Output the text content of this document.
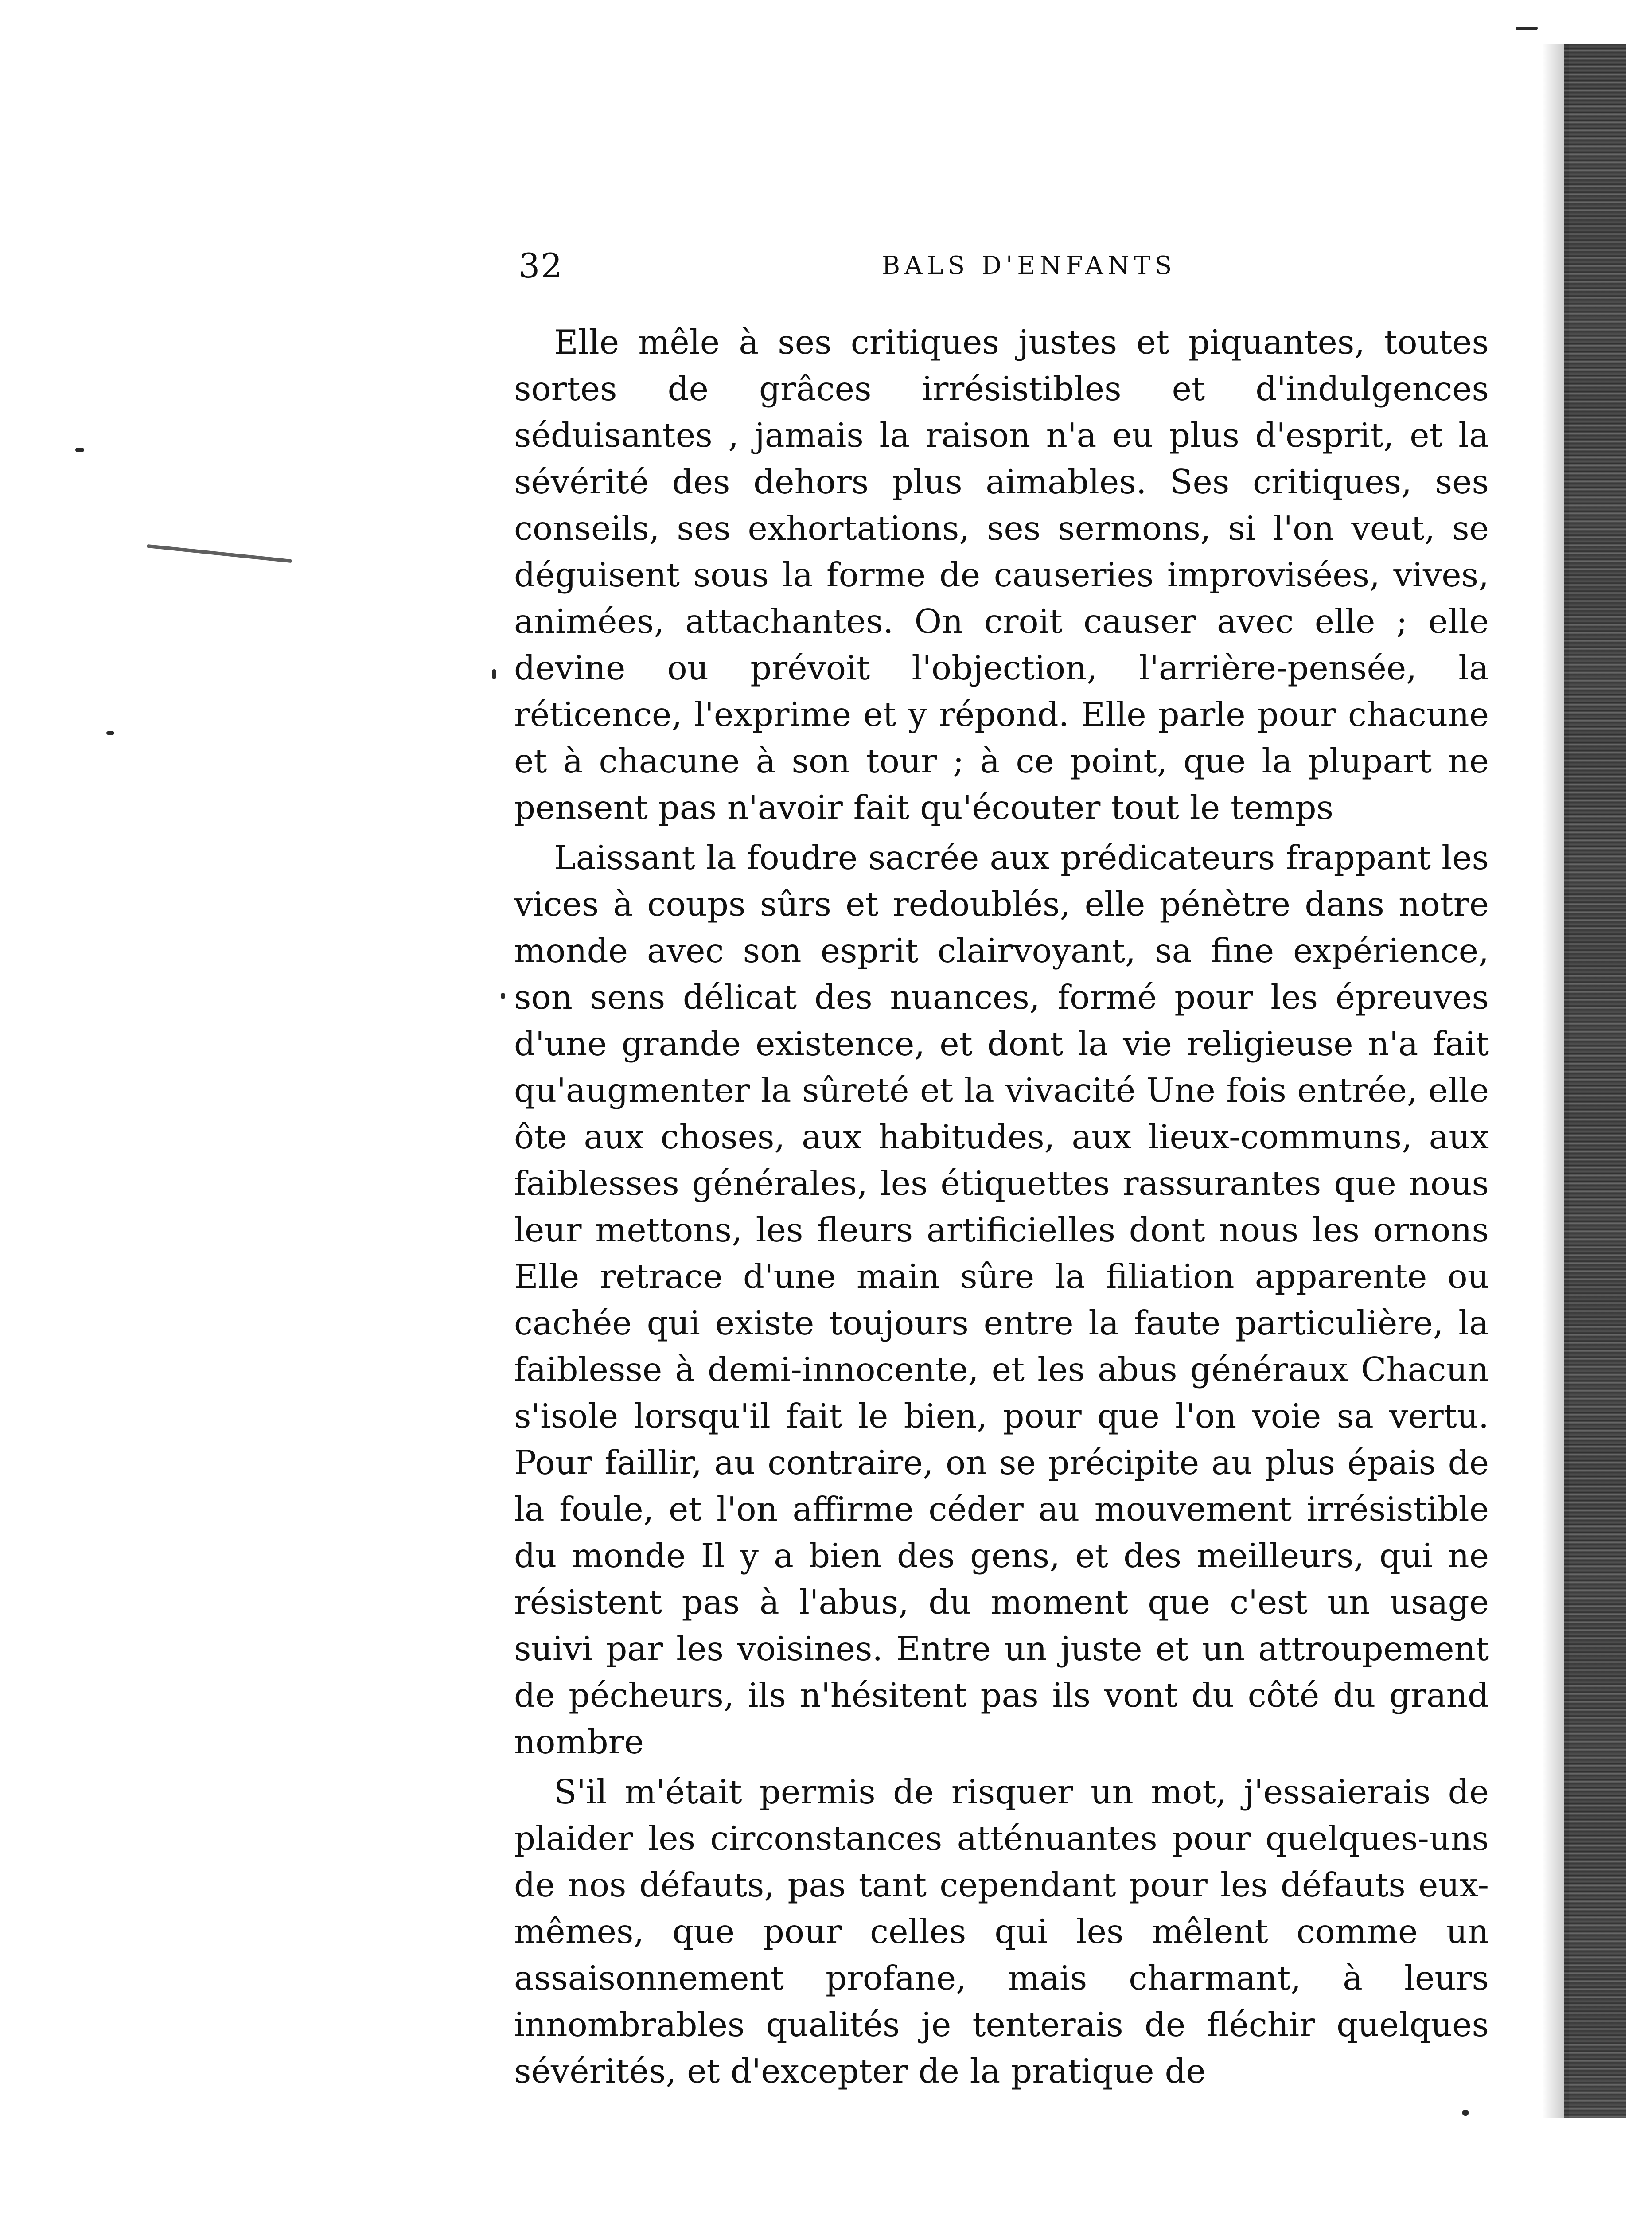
32	BALS D'ENFANTS

Elle mêle à ses critiques justes et piquantes, toutes sortes de grâces irrésistibles et d'indulgences séduisantes , jamais la raison n'a eu plus d'esprit, et la sévérité des dehors plus aimables. Ses critiques, ses conseils, ses exhortations, ses sermons, si l'on veut, se déguisent sous la forme de causeries improvisées, vives, animées, attachantes. On croit causer avec elle ; elle devine ou prévoit l'objection, l'arrière-pensée, la réticence, l'exprime et y répond. Elle parle pour chacune et à chacune à son tour ; à ce point, que la plupart ne pensent pas n'avoir fait qu'écouter tout le temps

Laissant la foudre sacrée aux prédicateurs frappant les vices à coups sûrs et redoublés, elle pénètre dans notre monde avec son esprit clairvoyant, sa fine expérience, son sens délicat des nuances, formé pour les épreuves d'une grande existence, et dont la vie religieuse n'a fait qu'augmenter la sûreté et la vivacité Une fois entrée, elle ôte aux choses, aux habitudes, aux lieux-communs, aux faiblesses générales, les étiquettes rassurantes que nous leur mettons, les fleurs artificielles dont nous les ornons Elle retrace d'une main sûre la filiation apparente ou cachée qui existe toujours entre la faute particulière, la faiblesse à demi-innocente, et les abus généraux Chacun s'isole lorsqu'il fait le bien, pour que l'on voie sa vertu. Pour faillir, au contraire, on se précipite au plus épais de la foule, et l'on affirme céder au mouvement irrésistible du monde Il y a bien des gens, et des meilleurs, qui ne résistent pas à l'abus, du moment que c'est un usage suivi par les voisines. Entre un juste et un attroupement de pécheurs, ils n'hésitent pas ils vont du côté du grand nombre

S'il m'était permis de risquer un mot, j'essaierais de plaider les circonstances atténuantes pour quelques-uns de nos défauts, pas tant cependant pour les défauts eux-mêmes, que pour celles qui les mêlent comme un assaisonnement profane, mais charmant, à leurs innombrables qualités je tenterais de fléchir quelques sévérités, et d'excepter de la pratique de
